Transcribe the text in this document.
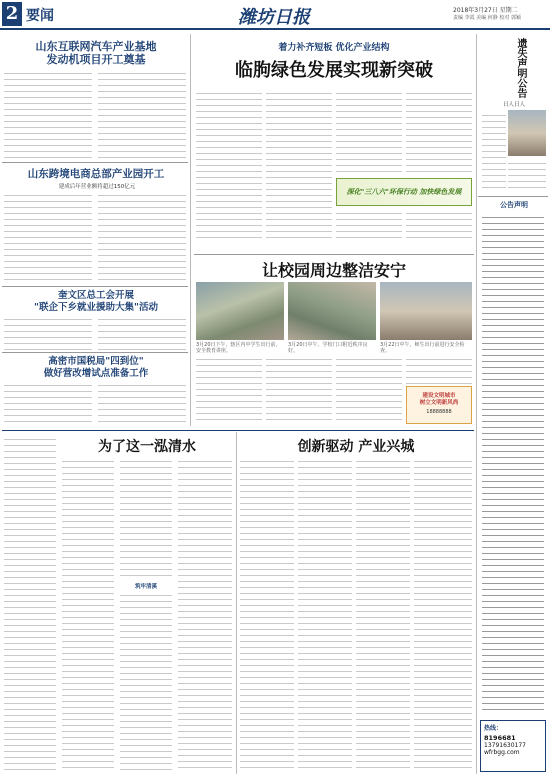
2 要闻	潍坊日报	2018年3月27日 星期二
责编 李霞 美编 何静 校对 郭颖
山东互联网汽车产业基地
发动机项目开工奠基
山东跨境电商总部产业园开工
建成后年营业额将超过150亿元
奎文区总工会开展
"联企下乡就业援助大集"活动
高密市国税局"四到位"
做好营改增试点准备工作
着力补齐短板 优化产业结构
临朐绿色发展实现新突破
深化"三八六"环保行动 加快绿色发展
让校园周边整洁安宁
3月20日下午，辖区内中学生出行前，安全教育讲座。
3月20日中午，学校门口附近秩序良好。
3月22日中午，师生出行前进行安全检查。
建设文明城市
树立文明新风尚
18888888
遗失声明公告
日人日人
公告声明
热线：
8196681
13791630177
wfrbgg.com
为了这一泓清水
筑牢清溪
创新驱动 产业兴城
